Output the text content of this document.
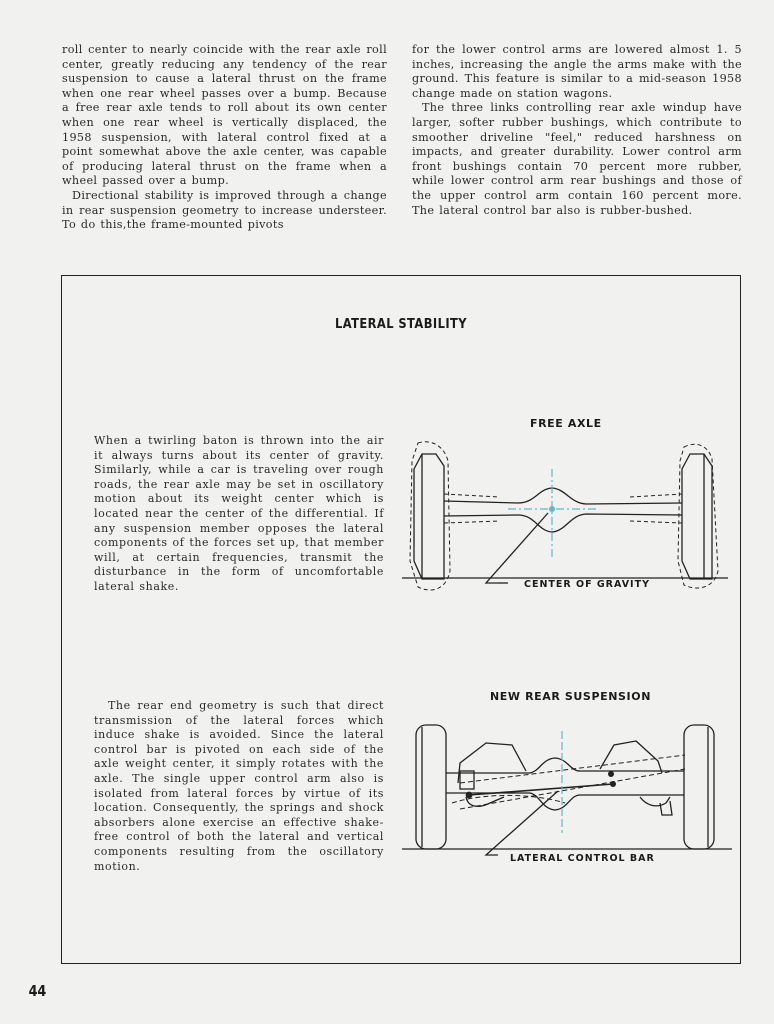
roll center to nearly coincide with the rear axle roll center, greatly reducing any tendency of the rear suspension to cause a lateral thrust on the frame when one rear wheel passes over a bump. Because a free rear axle tends to roll about its own center when one rear wheel is vertically displaced, the 1958 suspension, with lateral control fixed at a point somewhat above the axle center, was capable of producing lateral thrust on the frame when a wheel passed over a bump.

Directional stability is improved through a change in rear suspension geometry to increase understeer. To do this,the frame-mounted pivots

for the lower control arms are lowered almost 1. 5 inches, increasing the angle the arms make with the ground. This feature is similar to a mid-season 1958 change made on station wagons.

The three links controlling rear axle windup have larger, softer rubber bushings, which contribute to smoother driveline "feel," reduced harshness on impacts, and greater durability. Lower control arm front bushings contain 70 percent more rubber, while lower control arm rear bushings and those of the upper control arm contain 160 percent more. The lateral control bar also is rubber-bushed.

LATERAL STABILITY

When a twirling baton is thrown into the air it always turns about its center of gravity. Similarly, while a car is traveling over rough roads, the rear axle may be set in oscillatory motion about its weight center which is located near the center of the differential. If any suspension member opposes the lateral components of the forces set up, that member will, at certain frequencies, transmit the disturbance in the form of uncomfortable lateral shake.

The rear end geometry is such that direct transmission of the lateral forces which induce shake is avoided. Since the lateral control bar is pivoted on each side of the axle weight center, it simply rotates with the axle. The single upper control arm also is isolated from lateral forces by virtue of its location. Consequently, the springs and shock absorbers alone exercise an effective shake-free control of both the lateral and vertical components resulting from the oscillatory motion.

FREE AXLE
CENTER OF GRAVITY
NEW REAR SUSPENSION
LATERAL CONTROL BAR
44
